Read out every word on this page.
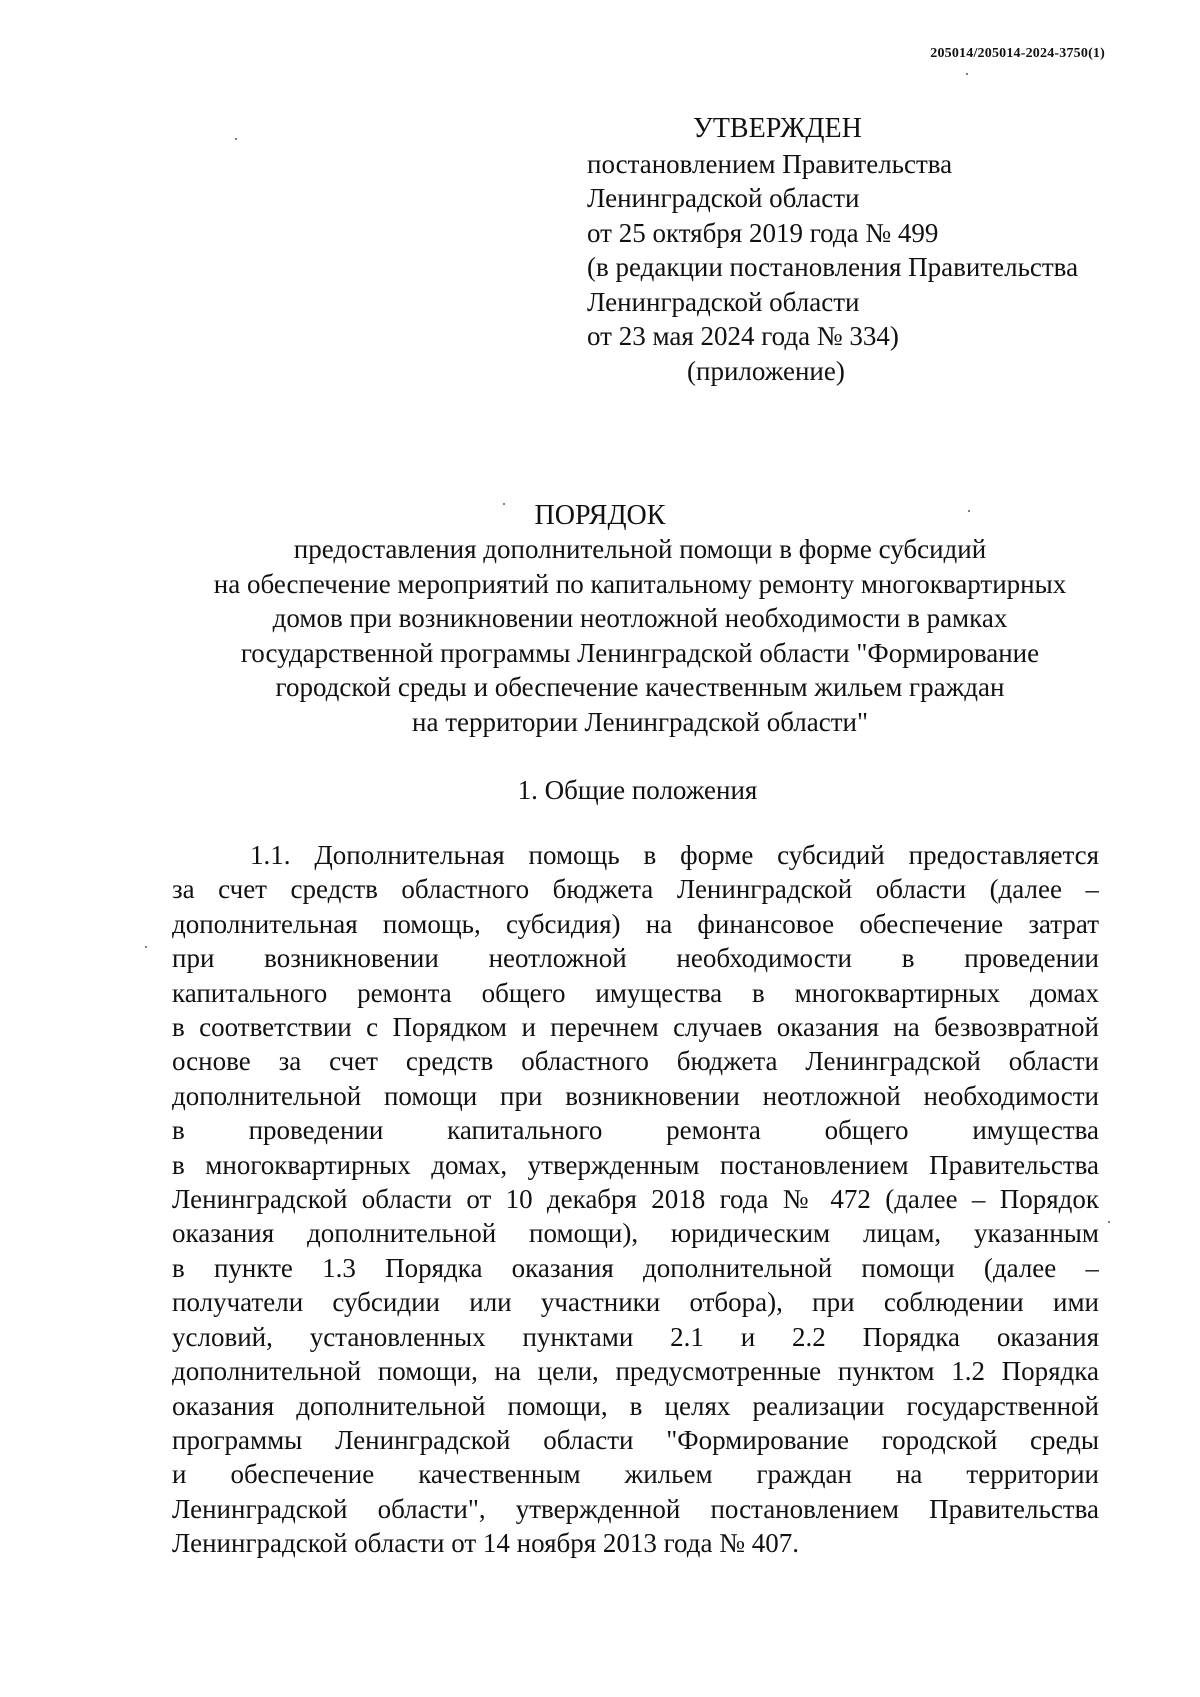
205014/205014-2024-3750(1)
УТВЕРЖДЕН
постановлением Правительства
Ленинградской области
от 25 октября 2019 года № 499
(в редакции постановления Правительства
Ленинградской области
от 23 мая 2024 года № 334)
(приложение)
ПОРЯДОК
предоставления дополнительной помощи в форме субсидий
на обеспечение мероприятий по капитальному ремонту многоквартирных
домов при возникновении неотложной необходимости в рамках
государственной программы Ленинградской области "Формирование
городской среды и обеспечение качественным жильем граждан
на территории Ленинградской области"
1. Общие положения
1.1. Дополнительная помощь в форме субсидий предоставляется
за счет средств областного бюджета Ленинградской области (далее –
дополнительная помощь, субсидия) на финансовое обеспечение затрат
при возникновении неотложной необходимости в проведении
капитального ремонта общего имущества в многоквартирных домах
в соответствии с Порядком и перечнем случаев оказания на безвозвратной
основе за счет средств областного бюджета Ленинградской области
дополнительной помощи при возникновении неотложной необходимости
в проведении капитального ремонта общего имущества
в многоквартирных домах, утвержденным постановлением Правительства
Ленинградской области от 10 декабря 2018 года № 472 (далее – Порядок
оказания дополнительной помощи), юридическим лицам, указанным
в пункте 1.3 Порядка оказания дополнительной помощи (далее –
получатели субсидии или участники отбора), при соблюдении ими
условий, установленных пунктами 2.1 и 2.2 Порядка оказания
дополнительной помощи, на цели, предусмотренные пунктом 1.2 Порядка
оказания дополнительной помощи, в целях реализации государственной
программы Ленинградской области "Формирование городской среды
и обеспечение качественным жильем граждан на территории
Ленинградской области", утвержденной постановлением Правительства
Ленинградской области от 14 ноября 2013 года № 407.
